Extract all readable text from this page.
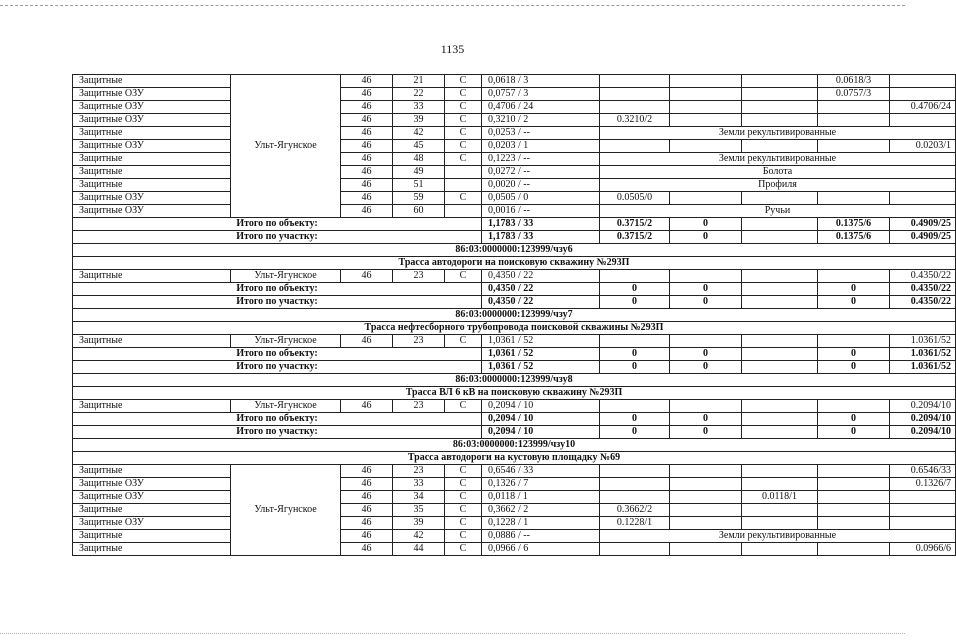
1135
Защитные	Ульт-Ягунское	46	21	С	0,0618 / 3				0.0618/3	
Защитные ОЗУ		46	22	С	0,0757 / 3				0.0757/3	
Защитные ОЗУ		46	33	С	0,4706 / 24					0.4706/24
Защитные ОЗУ		46	39	С	0,3210 / 2	0.3210/2				
Защитные		46	42	С	0,0253 / --	Земли рекультивированные				
Защитные ОЗУ		46	45	С	0,0203 / 1					0.0203/1
Защитные		46	48	С	0,1223 / --	Земли рекультивированные				
Защитные		46	49		0,0272 / --	Болота				
Защитные		46	51		0,0020 / --	Профиля				
Защитные ОЗУ		46	59	С	0,0505 / 0	0.0505/0				
Защитные ОЗУ		46	60		0,0016 / --	Ручьи				
Итого по объекту:					1,1783 / 33	0.3715/2	0		0.1375/6	0.4909/25
Итого по участку:					1,1783 / 33	0.3715/2	0		0.1375/6	0.4909/25
86:03:0000000:123999/чзу6										
Трасса автодороги на поисковую скважину №293П										
Защитные	Ульт-Ягунское	46	23	С	0,4350 / 22					0.4350/22
Итого по объекту:					0,4350 / 22	0	0		0	0.4350/22
Итого по участку:					0,4350 / 22	0	0		0	0.4350/22
86:03:0000000:123999/чзу7										
Трасса нефтесборного трубопровода поисковой скважины №293П										
Защитные	Ульт-Ягунское	46	23	С	1,0361 / 52					1.0361/52
Итого по объекту:					1,0361 / 52	0	0		0	1.0361/52
Итого по участку:					1,0361 / 52	0	0		0	1.0361/52
86:03:0000000:123999/чзу8										
Трасса ВЛ 6 кВ на поисковую скважину №293П										
Защитные	Ульт-Ягунское	46	23	С	0,2094 / 10					0.2094/10
Итого по объекту:					0,2094 / 10	0	0		0	0.2094/10
Итого по участку:					0,2094 / 10	0	0		0	0.2094/10
86:03:0000000:123999/чзу10										
Трасса автодороги на кустовую площадку №69										
Защитные	Ульт-Ягунское	46	23	С	0,6546 / 33					0.6546/33
Защитные ОЗУ		46	33	С	0,1326 / 7					0.1326/7
Защитные ОЗУ		46	34	С	0,0118 / 1			0.0118/1		
Защитные		46	35	С	0,3662 / 2	0.3662/2				
Защитные ОЗУ		46	39	С	0,1228 / 1	0.1228/1				
Защитные		46	42	С	0,0886 / --	Земли рекультивированные				
Защитные		46	44	С	0,0966 / 6					0.0966/6
